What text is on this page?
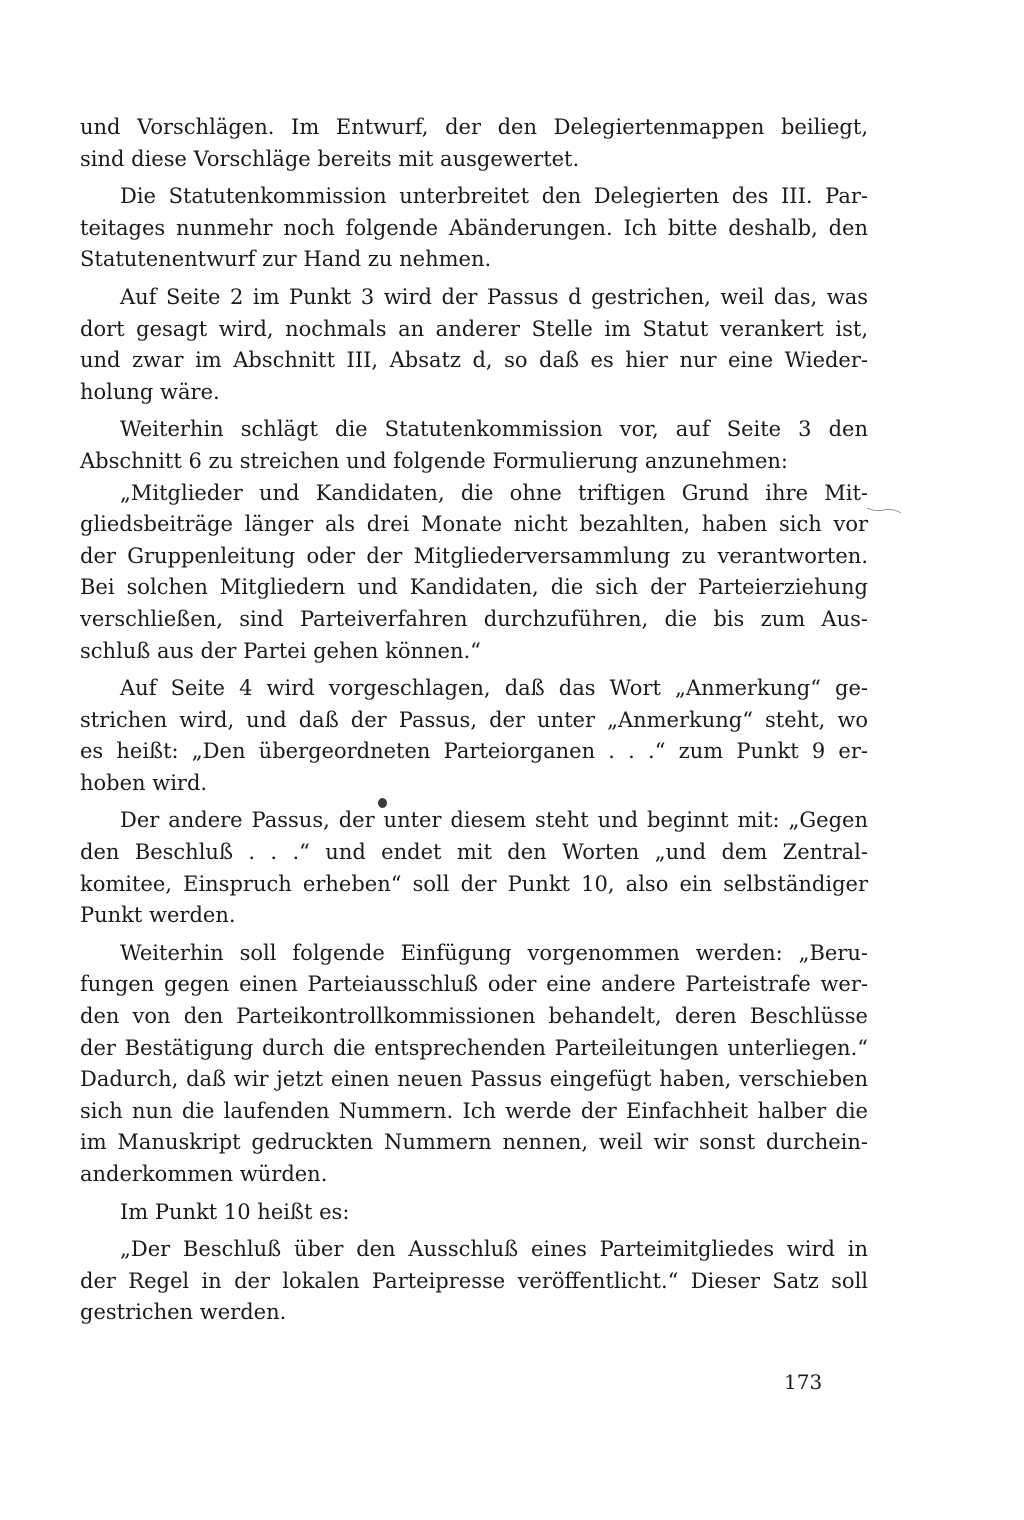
und Vorschlägen. Im Entwurf, der den Delegiertenmappen beiliegt,
sind diese Vorschläge bereits mit ausgewertet.
Die Statutenkommission unterbreitet den Delegierten des III. Par-
teitages nunmehr noch folgende Abänderungen. Ich bitte deshalb, den
Statutenentwurf zur Hand zu nehmen.
Auf Seite 2 im Punkt 3 wird der Passus d gestrichen, weil das, was
dort gesagt wird, nochmals an anderer Stelle im Statut verankert ist,
und zwar im Abschnitt III, Absatz d, so daß es hier nur eine Wieder-
holung wäre.
Weiterhin schlägt die Statutenkommission vor, auf Seite 3 den
Abschnitt 6 zu streichen und folgende Formulierung anzunehmen:
„Mitglieder und Kandidaten, die ohne triftigen Grund ihre Mit-
gliedsbeiträge länger als drei Monate nicht bezahlten, haben sich vor
der Gruppenleitung oder der Mitgliederversammlung zu verantworten.
Bei solchen Mitgliedern und Kandidaten, die sich der Parteierziehung
verschließen, sind Parteiverfahren durchzuführen, die bis zum Aus-
schluß aus der Partei gehen können.“
Auf Seite 4 wird vorgeschlagen, daß das Wort „Anmerkung“ ge-
strichen wird, und daß der Passus, der unter „Anmerkung“ steht, wo
es heißt: „Den übergeordneten Parteiorganen . . .“ zum Punkt 9 er-
hoben wird.
Der andere Passus, der unter diesem steht und beginnt mit: „Gegen
den Beschluß . . .“ und endet mit den Worten „und dem Zentral-
komitee, Einspruch erheben“ soll der Punkt 10, also ein selbständiger
Punkt werden.
Weiterhin soll folgende Einfügung vorgenommen werden: „Beru-
fungen gegen einen Parteiausschluß oder eine andere Parteistrafe wer-
den von den Parteikontrollkommissionen behandelt, deren Beschlüsse
der Bestätigung durch die entsprechenden Parteileitungen unterliegen.“
Dadurch, daß wir jetzt einen neuen Passus eingefügt haben, verschieben
sich nun die laufenden Nummern. Ich werde der Einfachheit halber die
im Manuskript gedruckten Nummern nennen, weil wir sonst durchein-
anderkommen würden.
Im Punkt 10 heißt es:
„Der Beschluß über den Ausschluß eines Parteimitgliedes wird in
der Regel in der lokalen Parteipresse veröffentlicht.“ Dieser Satz soll
gestrichen werden.
173
